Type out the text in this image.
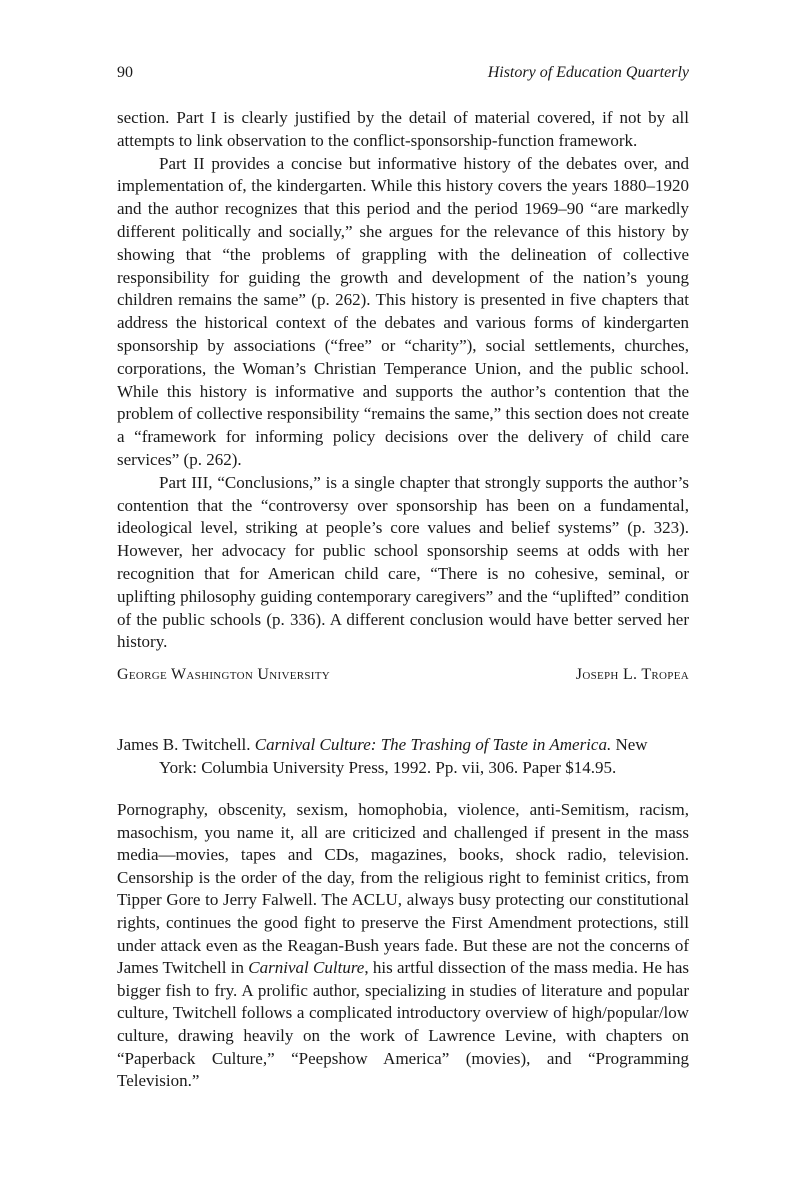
90	History of Education Quarterly

section. Part I is clearly justified by the detail of material covered, if not by all attempts to link observation to the conflict-sponsorship-function framework.

Part II provides a concise but informative history of the debates over, and implementation of, the kindergarten. While this history covers the years 1880–1920 and the author recognizes that this period and the period 1969–90 “are markedly different politically and socially,” she argues for the relevance of this history by showing that “the problems of grappling with the delineation of collective responsibility for guiding the growth and development of the nation’s young children remains the same” (p. 262). This history is presented in five chapters that address the historical context of the debates and various forms of kindergarten sponsorship by associations (“free” or “charity”), social settlements, churches, corporations, the Woman’s Christian Temperance Union, and the public school. While this history is informative and supports the author’s contention that the problem of collective responsibility “remains the same,” this section does not create a “framework for informing policy decisions over the delivery of child care services” (p. 262).

Part III, “Conclusions,” is a single chapter that strongly supports the author’s contention that the “controversy over sponsorship has been on a fundamental, ideological level, striking at people’s core values and belief systems” (p. 323). However, her advocacy for public school sponsorship seems at odds with her recognition that for American child care, “There is no cohesive, seminal, or uplifting philosophy guiding contemporary caregivers” and the “uplifted” condition of the public schools (p. 336). A different conclusion would have better served her history.

George Washington University	Joseph L. Tropea
James B. Twitchell. Carnival Culture: The Trashing of Taste in America. New
York: Columbia University Press, 1992. Pp. vii, 306. Paper $14.95.

Pornography, obscenity, sexism, homophobia, violence, anti-Semitism, racism, masochism, you name it, all are criticized and challenged if present in the mass media—movies, tapes and CDs, magazines, books, shock radio, television. Censorship is the order of the day, from the religious right to feminist critics, from Tipper Gore to Jerry Falwell. The ACLU, always busy protecting our constitutional rights, continues the good fight to preserve the First Amendment protections, still under attack even as the Reagan-Bush years fade. But these are not the concerns of James Twitchell in Carnival Culture, his artful dissection of the mass media. He has bigger fish to fry. A prolific author, specializing in studies of literature and popular culture, Twitchell follows a complicated introductory overview of high/popular/low culture, drawing heavily on the work of Lawrence Levine, with chapters on “Paperback Culture,” “Peepshow America” (movies), and “Programming Television.”
